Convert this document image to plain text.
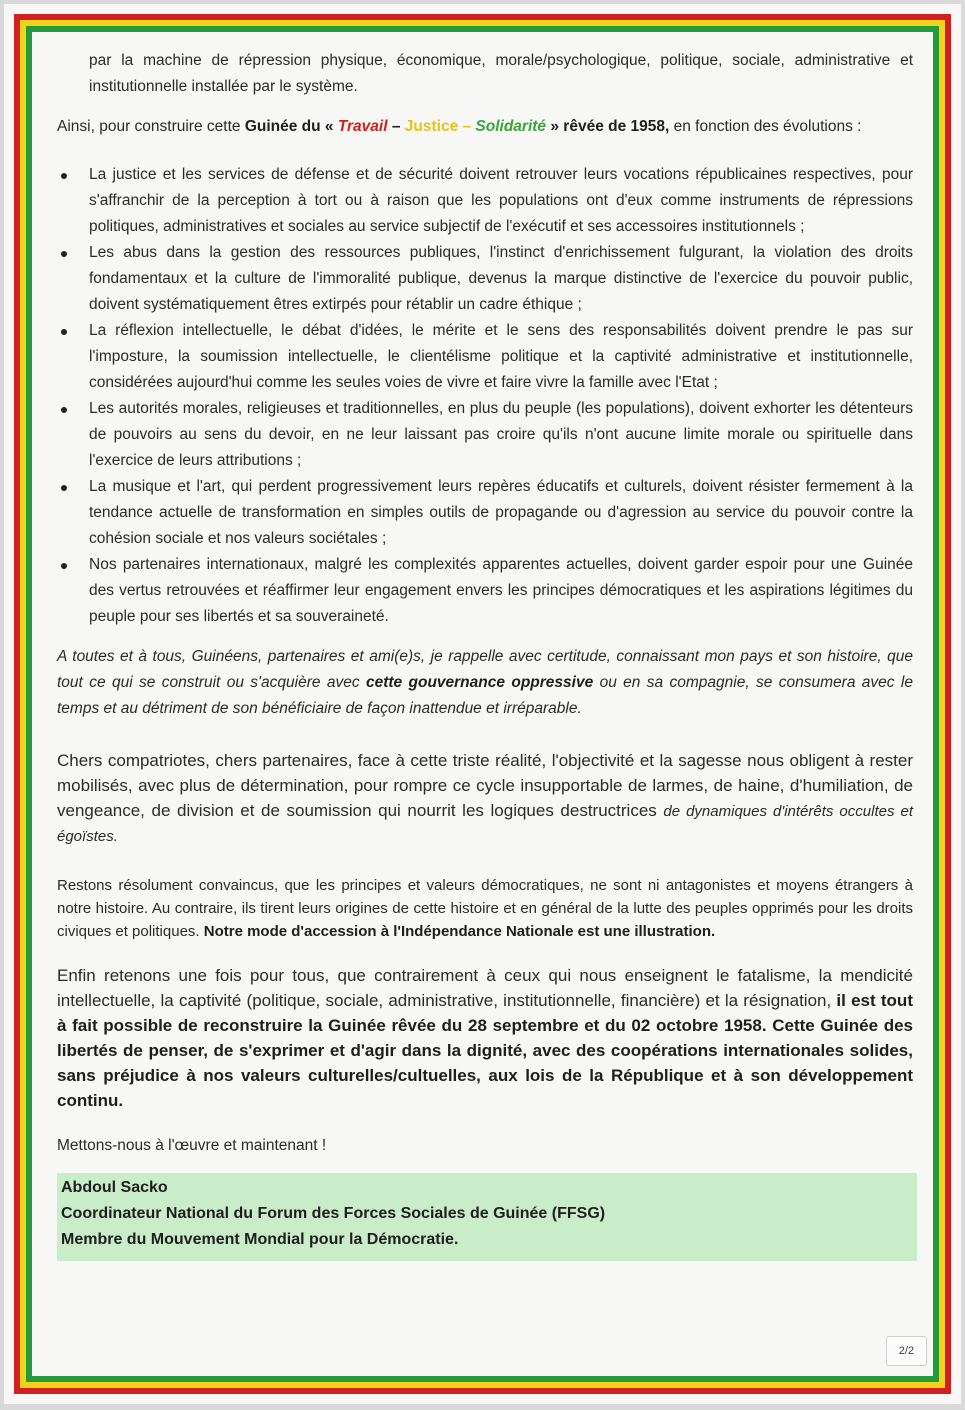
par la machine de répression physique, économique, morale/psychologique, politique, sociale, administrative et institutionnelle installée par le système.

Ainsi, pour construire cette Guinée du « Travail – Justice – Solidarité » rêvée de 1958, en fonction des évolutions :

La justice et les services de défense et de sécurité doivent retrouver leurs vocations républicaines respectives, pour s'affranchir de la perception à tort ou à raison que les populations ont d'eux comme instruments de répressions politiques, administratives et sociales au service subjectif de l'exécutif et ses accessoires institutionnels ;
Les abus dans la gestion des ressources publiques, l'instinct d'enrichissement fulgurant, la violation des droits fondamentaux et la culture de l'immoralité publique, devenus la marque distinctive de l'exercice du pouvoir public, doivent systématiquement êtres extirpés pour rétablir un cadre éthique ;
La réflexion intellectuelle, le débat d'idées, le mérite et le sens des responsabilités doivent prendre le pas sur l'imposture, la soumission intellectuelle, le clientélisme politique et la captivité administrative et institutionnelle, considérées aujourd'hui comme les seules voies de vivre et faire vivre la famille avec l'Etat ;
Les autorités morales, religieuses et traditionnelles, en plus du peuple (les populations), doivent exhorter les détenteurs de pouvoirs au sens du devoir, en ne leur laissant pas croire qu'ils n'ont aucune limite morale ou spirituelle dans l'exercice de leurs attributions ;
La musique et l'art, qui perdent progressivement leurs repères éducatifs et culturels, doivent résister fermement à la tendance actuelle de transformation en simples outils de propagande ou d'agression au service du pouvoir contre la cohésion sociale et nos valeurs sociétales ;
Nos partenaires internationaux, malgré les complexités apparentes actuelles, doivent garder espoir pour une Guinée des vertus retrouvées et réaffirmer leur engagement envers les principes démocratiques et les aspirations légitimes du peuple pour ses libertés et sa souveraineté.

A toutes et à tous, Guinéens, partenaires et ami(e)s, je rappelle avec certitude, connaissant mon pays et son histoire, que tout ce qui se construit ou s'acquière avec cette gouvernance oppressive ou en sa compagnie, se consumera avec le temps et au détriment de son bénéficiaire de façon inattendue et irréparable.

Chers compatriotes, chers partenaires, face à cette triste réalité, l'objectivité et la sagesse nous obligent à rester mobilisés, avec plus de détermination, pour rompre ce cycle insupportable de larmes, de haine, d'humiliation, de vengeance, de division et de soumission qui nourrit les logiques destructrices de dynamiques d'intérêts occultes et égoïstes.

Restons résolument convaincus, que les principes et valeurs démocratiques, ne sont ni antagonistes et moyens étrangers à notre histoire. Au contraire, ils tirent leurs origines de cette histoire et en général de la lutte des peuples opprimés pour les droits civiques et politiques. Notre mode d'accession à l'Indépendance Nationale est une illustration.

Enfin retenons une fois pour tous, que contrairement à ceux qui nous enseignent le fatalisme, la mendicité intellectuelle, la captivité (politique, sociale, administrative, institutionnelle, financière) et la résignation, il est tout à fait possible de reconstruire la Guinée rêvée du 28 septembre et du 02 octobre 1958. Cette Guinée des libertés de penser, de s'exprimer et d'agir dans la dignité, avec des coopérations internationales solides, sans préjudice à nos valeurs culturelles/cultuelles, aux lois de la République et à son développement continu.

Mettons-nous à l'œuvre et maintenant !

Abdoul Sacko
Coordinateur National du Forum des Forces Sociales de Guinée (FFSG)
Membre du Mouvement Mondial pour la Démocratie.
2/2
